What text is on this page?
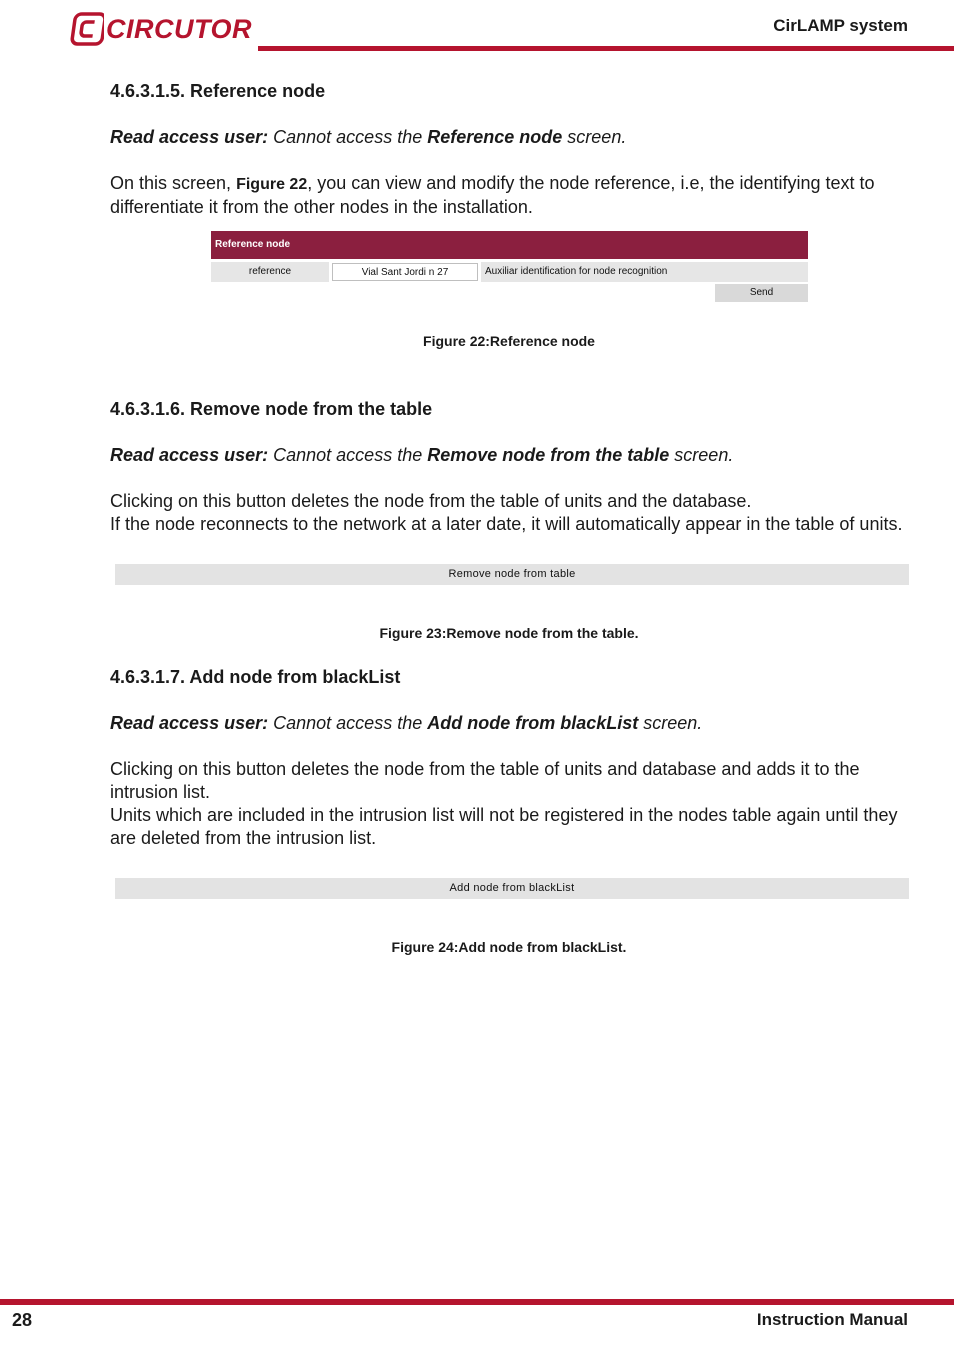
CIRCUTOR	CirLAMP system
4.6.3.1.5. Reference node
Read access user: Cannot access the Reference node screen.
On this screen, Figure 22, you can view and modify the node reference, i.e, the identifying text to differentiate it from the other nodes in the installation.
Reference node
reference
Vial Sant Jordi n 27	Auxiliar identification for node recognition
Send
Figure 22:Reference node
4.6.3.1.6. Remove node from the table
Read access user: Cannot access the Remove node from the table screen.
Clicking on this button deletes the node from the table of units and the database.
If the node reconnects to the network at a later date, it will automatically appear in the table of units.
Remove node from table
Figure 23:Remove node from the table.
4.6.3.1.7. Add node from blackList
Read access user: Cannot access the Add node from blackList screen.
Clicking on this button deletes the node from the table of units and database and adds it to the intrusion list.
Units which are included in the intrusion list will not be registered in the nodes table again until they are deleted from the intrusion list.
Add node from blackList
Figure 24:Add node from blackList.
28	Instruction Manual
